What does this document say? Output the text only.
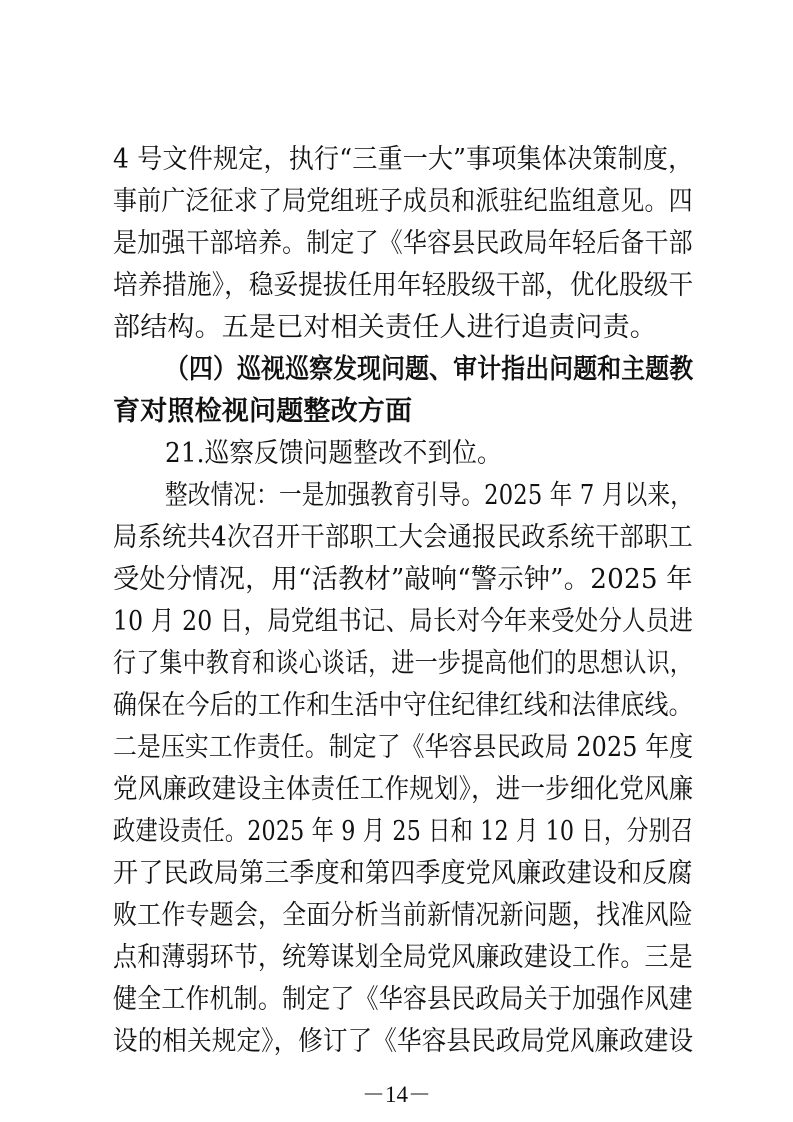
4 号文件规定，执行“三重一大”事项集体决策制度，
事前广泛征求了局党组班子成员和派驻纪监组意见。四
是加强干部培养。制定了《华容县民政局年轻后备干部
培养措施》，稳妥提拔任用年轻股级干部，优化股级干
部结构。五是已对相关责任人进行追责问责。
（四）巡视巡察发现问题、审计指出问题和主题教
育对照检视问题整改方面
21.巡察反馈问题整改不到位。
整改情况：一是加强教育引导。2025 年 7 月以来，
局系统共4次召开干部职工大会通报民政系统干部职工
受处分情况，用“活教材”敲响“警示钟”。2025 年
10 月 20 日，局党组书记、局长对今年来受处分人员进
行了集中教育和谈心谈话，进一步提高他们的思想认识，
确保在今后的工作和生活中守住纪律红线和法律底线。
二是压实工作责任。制定了《华容县民政局 2025 年度
党风廉政建设主体责任工作规划》，进一步细化党风廉
政建设责任。2025 年 9 月 25 日和 12 月 10 日，分别召
开了民政局第三季度和第四季度党风廉政建设和反腐
败工作专题会，全面分析当前新情况新问题，找准风险
点和薄弱环节，统筹谋划全局党风廉政建设工作。三是
健全工作机制。制定了《华容县民政局关于加强作风建
设的相关规定》，修订了《华容县民政局党风廉政建设
－14－
